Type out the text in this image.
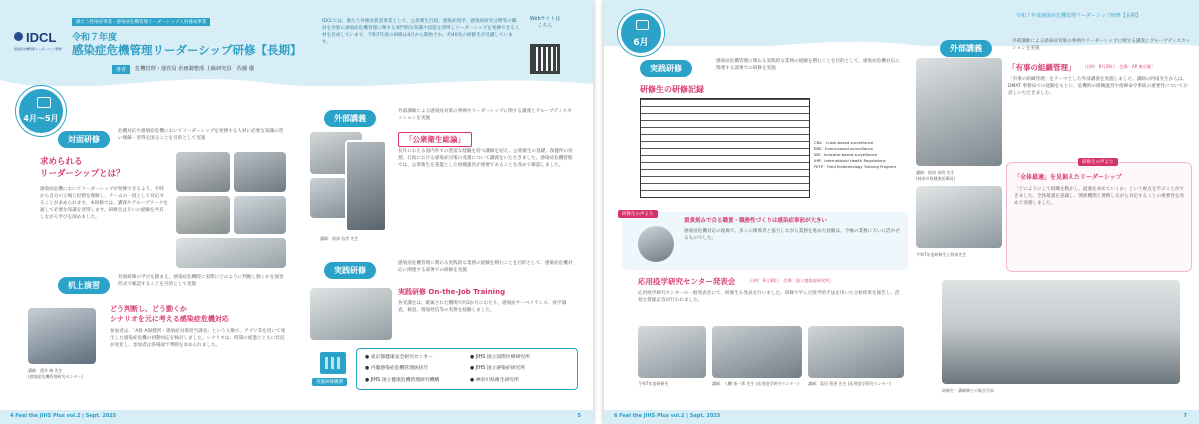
IDCL
感染症危機管理リーダーシップ研修
源たう性染症事業・感染症危機管理リーダーシップ人材養成事業
令和７年度
感染症危機管理リーダーシップ研修【長期】
著者	危機管理・運営局 企画調整部 上級研究員　佐藤 優
IDCLでは、源たう外務省新設事業として、公衆衛生行政、感染症疫学、感染症研究分野等の職員を対象に感染症危機管理に関する専門的な知識や技能を習得しリーダーシップを発揮できる人材を育成しています。令和7年度の研修は4月から開始され、約40名の研修生が受講しています。
Webサイトはこちら
4月～5月
対面研修
危機対応や感染症危機においてリーダーシップを発揮する人材に必要な知識の習い理解・習得を図ることを目的として実施
求められる
リーダーシップとは？
感染症危機においてリーダーシップが発揮できるよう、平時から自分の立場と役割を理解し、チームの一員として対応することが求められます。本研修では、講義やグループワークを通して必要な知識を習得します。研修生は互いの経験を共有しながら学びを深めました。
机上演習
対面研修の学びを踏まえ、感染症危機時に実際にどのように判断し動くかを演習形式で確認することを目的として実施
講師：酒井 修 先生
(感染症危機管理研究センター)
どう判断し、どう動くか
シナリオを元に考える感染症危機対応
参加者は、「A県 A保健所・感染症対策担当課長」という立場で、アプリ等を用いて発生した感染症危機の初動対応を検討しました。シナリオは、時間の経過とともに状況が変化し、参加者は各場面で判断を求められました。
外部講義
外部講師による感染症対策の事例やリーダーシップに関する講義とグループディスカッションを実施
講師：岡部 信彦 先生
「公衆衛生総論」
長年にわたる国内外での豊富な経験を持つ講師を迎え、公衆衛生の基礎、保健所の役割、行政における感染症対策の変遷について講義をいただきました。感染症危機管理では、公衆衛生を基盤とした組織運営が重要であることを改めて確認しました。
実践研修
感染症危機管理に関わる実践的な業務の経験を積むことを目的として、感染症危機対応に関連する部署での研修を実施
実践研修 On-the-Job Training
各受講生は、配属された機関で約3か月にわたり、感染症サーベイランス、疫学調査、検査、情報発信等の実務を経験しました。
実施研修機関
● 東京都健康安全研究センター	● JIHS 国立国際医療研究所
● 内閣感染症危機管理統括庁	● JIHS 国立感染症研究所
● JIHS 国立健康危機管理研究機構	● 神奈川県衛生研究所
4 Feel the JIHS Plus vol.2 | Sept. 2025	5
令和７年度感染症危機管理リーダーシップ研修【長期】
6月
実践研修
感染症危機管理に関わる実践的な業務の経験を積むことを目的として、感染症危機対応に関連する部署での研修を実施
研修生の研修記録
CRA：Crash-based surveillance
EBS：Event-based surveillance
IBS：Indicator-based surveillance
IHR：International Health Regulations
FETP：Field Epidemiology Training Program
研修生の声より
重責刻みで合る職責・職務性づくりは感染症事前が大きい
感染症危機対応の現場で、多くの関係者と協力しながら業務を進めた経験は、今後の業務に大いに活かせるものでした。
応用疫学研究センター発表会	［日時：6月30日　会場：国立感染症研究所］
応用疫学研究センターの一般発表会にて、研修生も発表を行いました。研修で学んだ疫学的手法を用いた分析結果を報告し、活発な質疑応答が行われました。
令和7年度研修生	講師：八幡 裕一郎 先生 (応用疫学研究センター)	講師：島田 智恵 先生 (応用疫学研究センター)
外部講義
外部講師による感染症対策の事例やリーダーシップに関する講義とグループディスカッションを実施
講師：阿南 英明 先生
(神奈川県健康医療局)
「有事の組織管理」 ［日時：6月26日　会場：AP 東京駅］
「有事の組織管理」をテーマとした外部講義を実施しました。講師の阿南先生からは、DMAT 事務局での経験をもとに、危機時の組織運営や指揮命令系統の重要性についてお話しいただきました。
研修生の声より
「全体最適」を見据えたリーダーシップ
「どのようにして組織を動かし、最適を求めていくか」という視点を学ぶことができました。全体最適を意識し、関係機関と連携しながら対応することの重要性を改めて実感しました。
令和7年度研修生と阿南先生
研修生・講師陣との集合写真
6 Feel the JIHS Plus vol.2 | Sept. 2025	7
